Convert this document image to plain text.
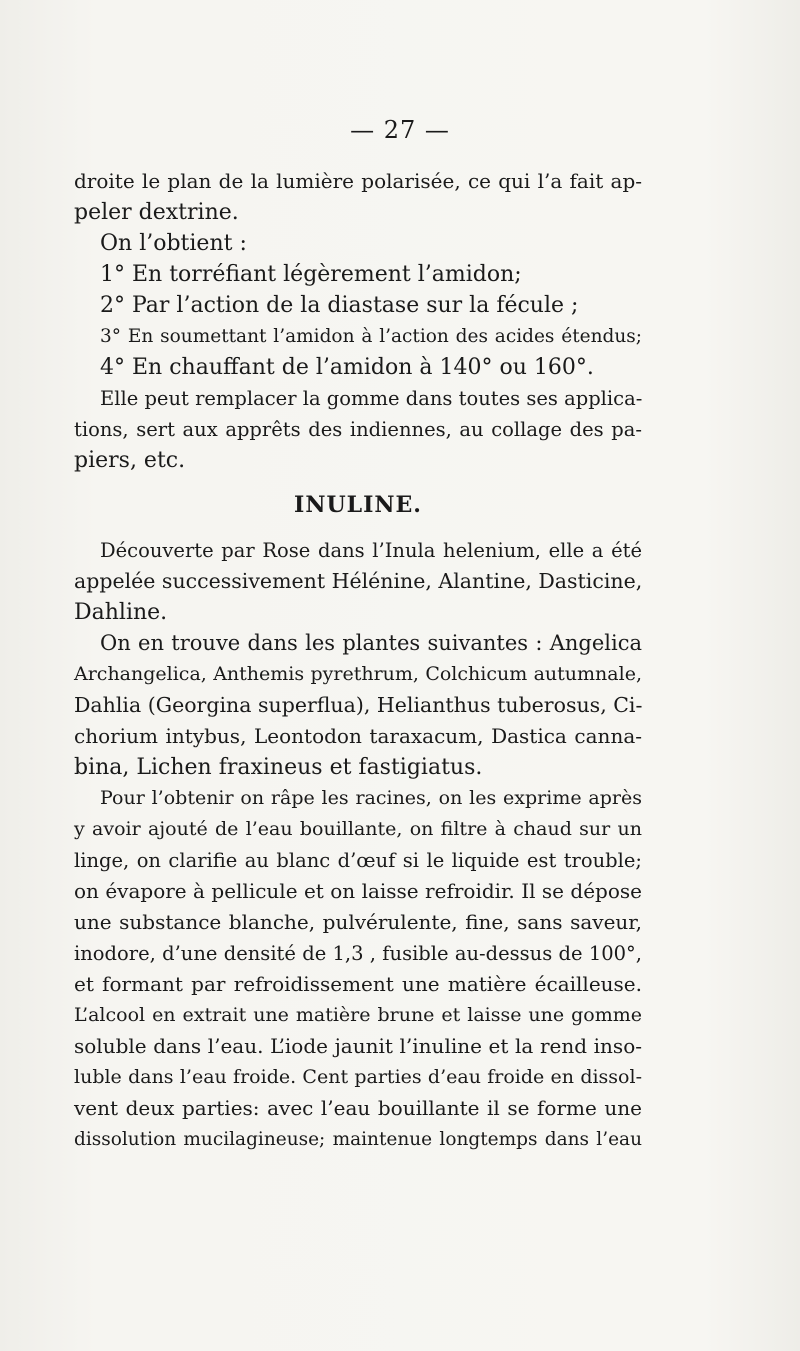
— 27 —
droite le plan de la lumière polarisée, ce qui l’a fait ap-
peler dextrine.
On l’obtient :
1° En torréfiant légèrement l’amidon;
2° Par l’action de la diastase sur la fécule ;
3° En soumettant l’amidon à l’action des acides étendus;
4° En chauffant de l’amidon à 140° ou 160°.
Elle peut remplacer la gomme dans toutes ses applica-
tions, sert aux apprêts des indiennes, au collage des pa-
piers, etc.
INULINE.
Découverte par Rose dans l’Inula helenium, elle a été
appelée successivement Hélénine, Alantine, Dasticine,
Dahline.
On en trouve dans les plantes suivantes : Angelica
Archangelica, Anthemis pyrethrum, Colchicum autumnale,
Dahlia (Georgina superflua), Helianthus tuberosus, Ci-
chorium intybus, Leontodon taraxacum, Dastica canna-
bina, Lichen fraxineus et fastigiatus.
Pour l’obtenir on râpe les racines, on les exprime après
y avoir ajouté de l’eau bouillante, on filtre à chaud sur un
linge, on clarifie au blanc d’œuf si le liquide est trouble;
on évapore à pellicule et on laisse refroidir. Il se dépose
une substance blanche, pulvérulente, fine, sans saveur,
inodore, d’une densité de 1,3 , fusible au-dessus de 100°,
et formant par refroidissement une matière écailleuse.
L’alcool en extrait une matière brune et laisse une gomme
soluble dans l’eau. L’iode jaunit l’inuline et la rend inso-
luble dans l’eau froide. Cent parties d’eau froide en dissol-
vent deux parties: avec l’eau bouillante il se forme une
dissolution mucilagineuse; maintenue longtemps dans l’eau
